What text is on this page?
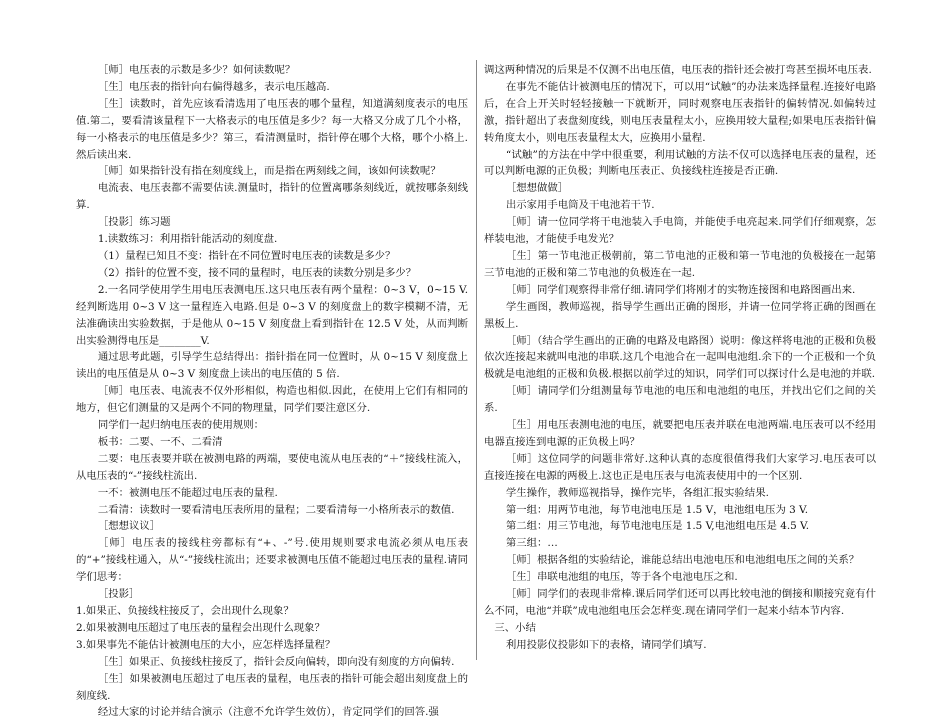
［师］电压表的示数是多少？如何读数呢？

［生］电压表的指针向右偏得越多，表示电压越高.

［生］读数时，首先应该看清选用了电压表的哪个量程，知道满刻度表示的电压值.第二，要看清该量程下一大格表示的电压值是多少？每一大格又分成了几个小格，每一小格表示的电压值是多少？第三，看清测量时，指针停在哪个大格，哪个小格上.然后读出来.

［师］如果指针没有指在刻度线上，而是指在两刻线之间，该如何读数呢？

电流表、电压表都不需要估读.测量时，指针的位置离哪条刻线近，就按哪条刻线算.

［投影］练习题

1.读数练习：利用指针能活动的刻度盘.

（1）量程已知且不变：指针在不同位置时电压表的读数是多少？

（2）指针的位置不变，接不同的量程时，电压表的读数分别是多少？

2.一名同学使用学生用电压表测电压.这只电压表有两个量程：0~3 V，0~15 V.经判断选用 0~3 V 这一量程连入电路.但是 0~3 V 的刻度盘上的数字模糊不清，无法准确读出实验数据，于是他从 0~15 V 刻度盘上看到指针在 12.5 V 处，从而判断出实验测得电压是________V.

通过思考此题，引导学生总结得出：指针指在同一位置时，从 0~15 V 刻度盘上读出的电压值是从 0~3 V 刻度盘上读出的电压值的 5 倍.

［师］电压表、电流表不仅外形相似，构造也相似.因此，在使用上它们有相同的地方，但它们测量的又是两个不同的物理量，同学们要注意区分.

同学们一起归纳电压表的使用规则：

板书：二要、一不、二看清

二要：电压表要并联在被测电路的两端，要使电流从电压表的“＋”接线柱流入，从电压表的“-”接线柱流出.

一不：被测电压不能超过电压表的量程.

二看清：读数时一要看清电压表所用的量程；二要看清每一小格所表示的数值.

［想想议议］

［师］电压表的接线柱旁都标有“+、-”号.使用规则要求电流必须从电压表的“+”接线柱通入，从“-”接线柱流出；还要求被测电压值不能超过电压表的量程.请同学们思考：

［投影］

1.如果正、负接线柱接反了，会出现什么现象？

2.如果被测电压超过了电压表的量程会出现什么现象？

3.如果事先不能估计被测电压的大小，应怎样选择量程？

［生］如果正、负接线柱接反了，指针会反向偏转，即向没有刻度的方向偏转.

［生］如果被测电压超过了电压表的量程，电压表的指针可能会超出刻度盘上的刻度线.

经过大家的讨论并结合演示（注意不允许学生效仿），肯定同学们的回答.强

调这两种情况的后果是不仅测不出电压值，电压表的指针还会被打弯甚至损坏电压表.

在事先不能估计被测电压的情况下，可以用“试触”的办法来选择量程.连接好电路后，在合上开关时轻轻接触一下就断开，同时观察电压表指针的偏转情况.如偏转过激，指针超出了表盘刻度线，则电压表量程太小，应换用较大量程;如果电压表指针偏转角度太小，则电压表量程太大，应换用小量程.

“试触”的方法在中学中很重要，利用试触的方法不仅可以选择电压表的量程，还可以判断电源的正负极；判断电压表正、负接线柱连接是否正确.

［想想做做］

出示家用手电筒及干电池若干节.

［师］请一位同学将干电池装入手电筒，并能使手电亮起来.同学们仔细观察，怎样装电池，才能使手电发光？

［生］第一节电池正极朝前，第二节电池的正极和第一节电池的负极接在一起第三节电池的正极和第二节电池的负极连在一起.

［师］同学们观察得非常仔细.请同学们将刚才的实物连接图和电路图画出来.

学生画图，教师巡视，指导学生画出正确的图形，并请一位同学将正确的图画在黑板上.

［师］（结合学生画出的正确的电路及电路图）说明：像这样将电池的正极和负极依次连接起来就叫电池的串联.这几个电池合在一起叫电池组.余下的一个正极和一个负极就是电池组的正极和负极.根据以前学过的知识，同学们可以探讨什么是电池的并联.

［师］请同学们分组测量每节电池的电压和电池组的电压，并找出它们之间的关系.

［生］用电压表测电池的电压，就要把电压表并联在电池两端.电压表可以不经用电器直接连到电源的正负极上吗？

［师］这位同学的问题非常好.这种认真的态度很值得我们大家学习.电压表可以直接连接在电源的两极上.这也正是电压表与电流表使用中的一个区别.

学生操作，教师巡视指导，操作完毕，各组汇报实验结果.

第一组：用两节电池，每节电池电压是 1.5 V，电池组电压为 3 V.

第二组：用三节电池，每节电池电压是 1.5 V,电池组电压是 4.5 V.

第三组：…

［师］根据各组的实验结论，谁能总结出电池电压和电池组电压之间的关系？

［生］串联电池组的电压，等于各个电池电压之和.

［师］同学们的表现非常棒.课后同学们还可以再比较电池的倒接和顺接究竟有什么不同，电池“并联”成电池组电压会怎样变.现在请同学们一起来小结本节内容.

三、小结

利用投影仪投影如下的表格，请同学们填写.
